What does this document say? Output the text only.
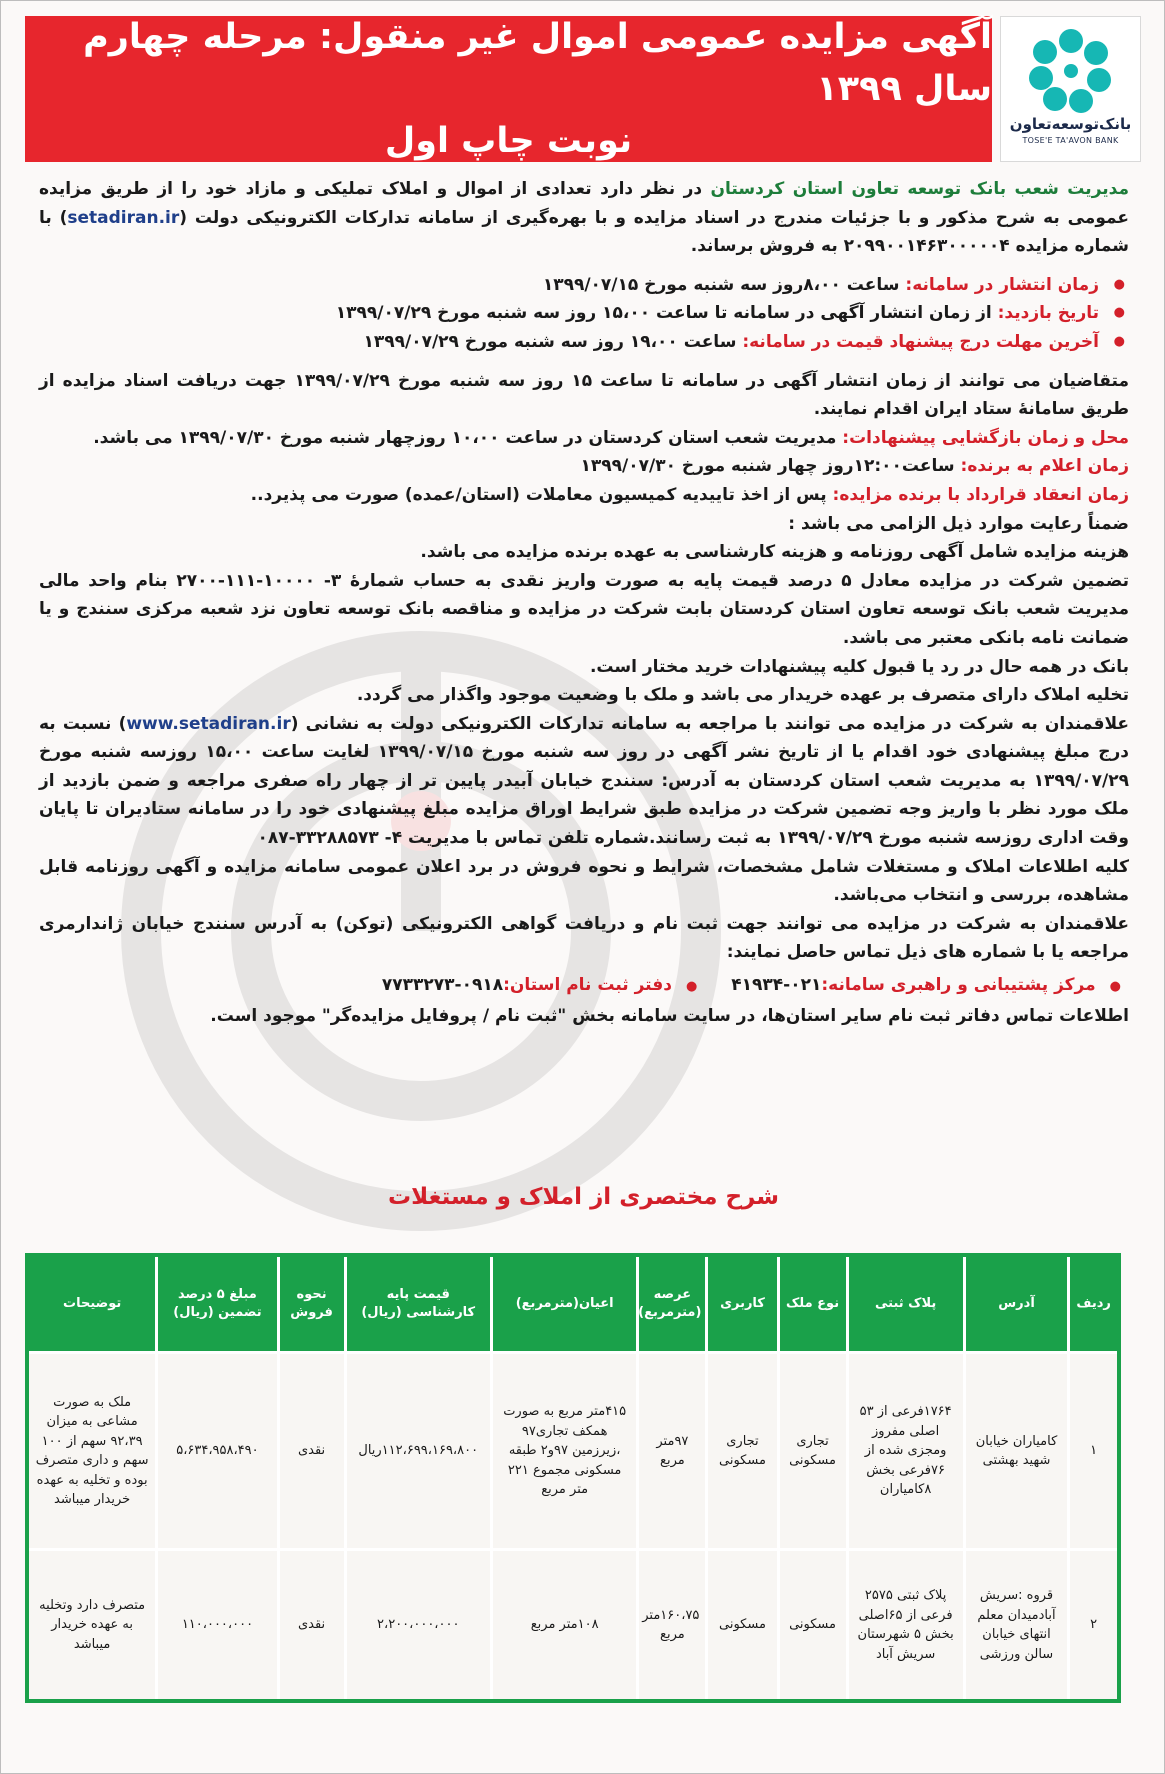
بانک‌توسعه‌تعاون
TOSE'E TA'AVON BANK
آگهی مزایده عمومی اموال غیر منقول: مرحله چهارم سال ۱۳۹۹
نوبت چاپ اول

مدیریت شعب بانک توسعه تعاون استان کردستان در نظر دارد تعدادی از اموال و املاک تملیکی و مازاد خود را از طریق مزایده عمومی به شرح مذکور و با جزئیات مندرج در اسناد مزایده و با بهره‌گیری از سامانه تدارکات الکترونیکی دولت (setadiran.ir) با شماره مزایده ۲۰۹۹۰۰۱۴۶۳۰۰۰۰۰۴ به فروش برساند.

● زمان انتشار در سامانه: ساعت ۸،۰۰روز سه شنبه مورخ ۱۳۹۹/۰۷/۱۵
● تاریخ بازدید: از زمان انتشار آگهی در سامانه تا ساعت ۱۵،۰۰ روز سه شنبه مورخ ۱۳۹۹/۰۷/۲۹
● آخرین مهلت درج پیشنهاد قیمت در سامانه: ساعت ۱۹،۰۰ روز سه شنبه مورخ ۱۳۹۹/۰۷/۲۹

متقاضیان می توانند از زمان انتشار آگهی در سامانه تا ساعت ۱۵ روز سه شنبه مورخ ۱۳۹۹/۰۷/۲۹ جهت دریافت اسناد مزایده از طریق سامانهٔ ستاد ایران اقدام نمایند.

محل و زمان بازگشایی پیشنهادات: مدیریت شعب استان کردستان در ساعت ۱۰،۰۰ روزچهار شنبه مورخ ۱۳۹۹/۰۷/۳۰ می باشد.

زمان اعلام به برنده: ساعت۱۲:۰۰روز چهار شنبه مورخ ۱۳۹۹/۰۷/۳۰

زمان انعقاد قرارداد با برنده مزایده: پس از اخذ تاییدیه کمیسیون معاملات (استان/عمده) صورت می پذیرد..

ضمناً رعایت موارد ذیل الزامی می باشد :

هزینه مزایده شامل آگهی روزنامه و هزینه کارشناسی به عهده برنده مزایده می باشد.

تضمین شرکت در مزایده معادل ۵ درصد قیمت پایه به صورت واریز نقدی به حساب شمارهٔ ۳- ۱۰۰۰۰-۱۱۱-۲۷۰۰ بنام واحد مالی مدیریت شعب بانک توسعه تعاون استان کردستان بابت شرکت در مزایده و مناقصه بانک توسعه تعاون نزد شعبه مرکزی سنندج و یا ضمانت نامه بانکی معتبر می باشد.

بانک در همه حال در رد یا قبول کلیه پیشنهادات خرید مختار است.

تخلیه املاک دارای متصرف بر عهده خریدار می باشد و ملک با وضعیت موجود واگذار می گردد.

علاقمندان به شرکت در مزایده می توانند با مراجعه به سامانه تدارکات الکترونیکی دولت به نشانی (www.setadiran.ir) نسبت به درج مبلغ پیشنهادی خود اقدام یا از تاریخ نشر آگهی در روز سه شنبه مورخ ۱۳۹۹/۰۷/۱۵ لغایت ساعت ۱۵،۰۰ روزسه شنبه مورخ ۱۳۹۹/۰۷/۲۹ به مدیریت شعب استان کردستان به آدرس: سنندج خیابان آبیدر پایین تر از چهار راه صفری مراجعه و ضمن بازدید از ملک مورد نظر با واریز وجه تضمین شرکت در مزایده طبق شرایط اوراق مزایده مبلغ پیشنهادی خود را در سامانه ستادیران تا پایان وقت اداری روزسه شنبه مورخ ۱۳۹۹/۰۷/۲۹ به ثبت رسانند.شماره تلفن تماس با مدیریت ۴- ۳۳۲۸۸۵۷۳-۰۸۷

کلیه اطلاعات املاک و مستغلات شامل مشخصات، شرایط و نحوه فروش در برد اعلان عمومی سامانه مزایده و آگهی روزنامه قابل مشاهده، بررسی و انتخاب می‌باشد.

علاقمندان به شرکت در مزایده می توانند جهت ثبت نام و دریافت گواهی الکترونیکی (توکن) به آدرس سنندج خیابان ژاندارمری مراجعه یا با شماره های ذیل تماس حاصل نمایند:

●
مرکز پشتیبانی و راهبری سامانه:
۴۱۹۳۴-۰۲۱
●
دفتر ثبت نام استان:
۷۷۳۳۲۷۳-۰۹۱۸

اطلاعات تماس دفاتر ثبت نام سایر استان‌ها، در سایت سامانه بخش "ثبت نام / پروفایل مزایده‌گر" موجود است.

شرح مختصری از املاک و مستغلات
ردیف	آدرس	پلاک ثبتی	نوع ملک	کاربری	عرصه (مترمربع)	اعیان(مترمربع)	قیمت پایه کارشناسی (ریال)	نحوه فروش	مبلغ ۵ درصد تضمین (ریال)	توضیحات
۱	کامیاران خیابان شهید بهشتی	۱۷۶۴فرعی از ۵۳ اصلی مفروز ومجزی شده از ۷۶فرعی بخش ۸کامیاران	تجاری مسکونی	تجاری مسکونی	۹۷متر مربع	۴۱۵متر مربع به صورت همکف تجاری۹۷ ،زیرزمین ۹۷و۲ طبقه مسکونی مجموع ۲۲۱ متر مربع	۱۱۲،۶۹۹،۱۶۹،۸۰۰ریال	نقدی	۵،۶۳۴،۹۵۸،۴۹۰	ملک به صورت مشاعی به میزان ۹۲،۳۹ سهم از ۱۰۰ سهم و داری متصرف بوده و تخلیه به عهده خریدار میباشد
۲	قروه :سریش آبادمیدان معلم انتهای خیابان سالن ورزشی	پلاک ثبتی ۲۵۷۵ فرعی از ۶۵اصلی بخش ۵ شهرستان سریش آباد	مسکونی	مسکونی	۱۶۰،۷۵متر مربع	۱۰۸متر مربع	۲،۲۰۰،۰۰۰،۰۰۰	نقدی	۱۱۰،۰۰۰،۰۰۰	متصرف دارد وتخلیه به عهده خریدار میباشد
